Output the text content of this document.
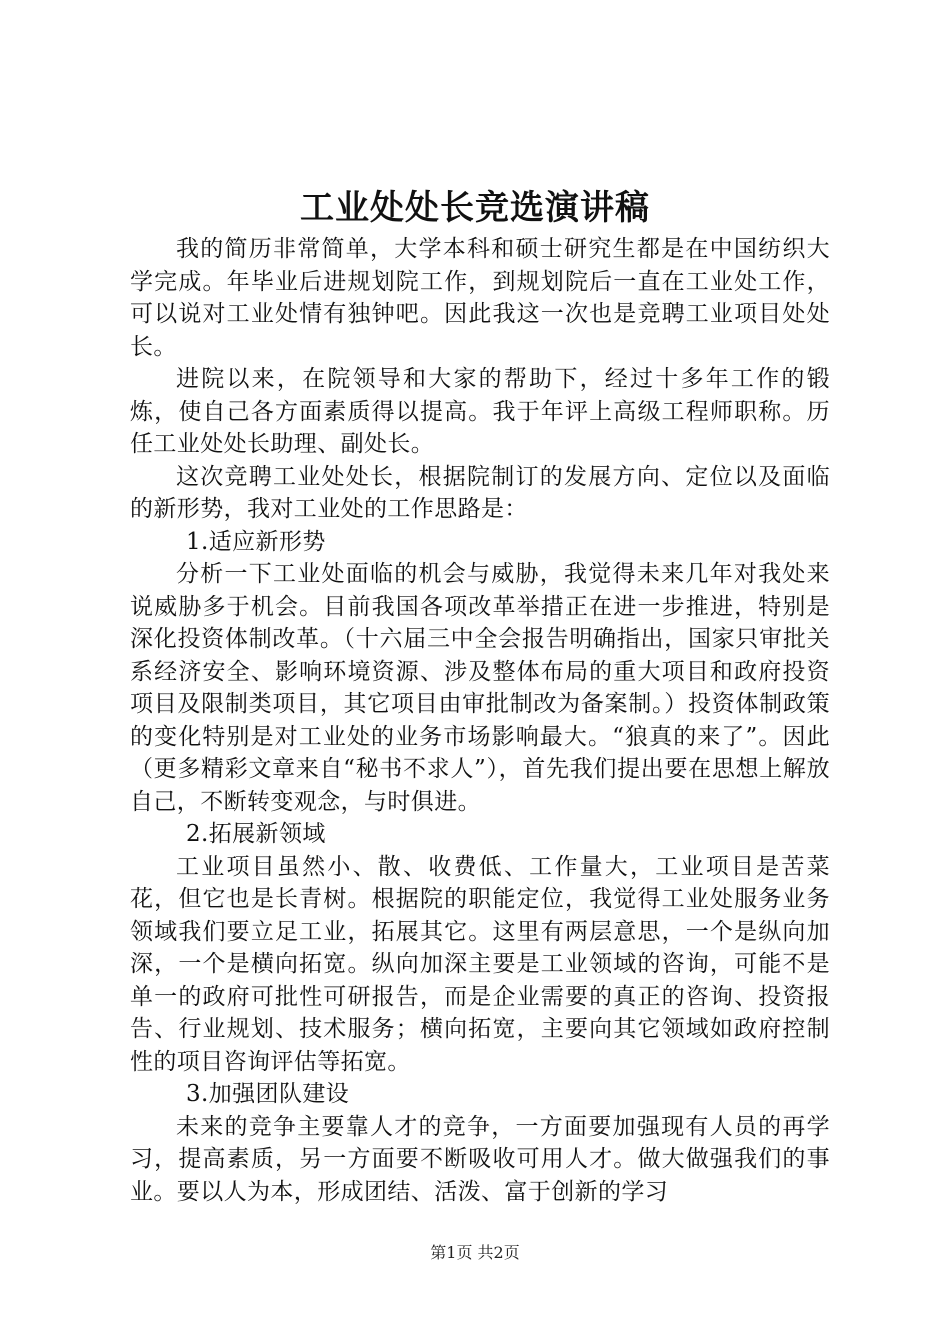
工业处处长竞选演讲稿

我的简历非常简单，大学本科和硕士研究生都是在中国纺织大学完成。年毕业后进规划院工作，到规划院后一直在工业处工作，可以说对工业处情有独钟吧。因此我这一次也是竞聘工业项目处处长。

进院以来，在院领导和大家的帮助下，经过十多年工作的锻炼，使自己各方面素质得以提高。我于年评上高级工程师职称。历任工业处处长助理、副处长。

这次竞聘工业处处长，根据院制订的发展方向、定位以及面临的新形势，我对工业处的工作思路是：

1.适应新形势

分析一下工业处面临的机会与威胁，我觉得未来几年对我处来说威胁多于机会。目前我国各项改革举措正在进一步推进，特别是深化投资体制改革。（十六届三中全会报告明确指出，国家只审批关系经济安全、影响环境资源、涉及整体布局的重大项目和政府投资项目及限制类项目，其它项目由审批制改为备案制。）投资体制政策的变化特别是对工业处的业务市场影响最大。“狼真的来了”。因此（更多精彩文章来自“秘书不求人”），首先我们提出要在思想上解放自己，不断转变观念，与时俱进。

2.拓展新领域

工业项目虽然小、散、收费低、工作量大，工业项目是苦菜花，但它也是长青树。根据院的职能定位，我觉得工业处服务业务领域我们要立足工业，拓展其它。这里有两层意思，一个是纵向加深，一个是横向拓宽。纵向加深主要是工业领域的咨询，可能不是单一的政府可批性可研报告，而是企业需要的真正的咨询、投资报告、行业规划、技术服务；横向拓宽，主要向其它领域如政府控制性的项目咨询评估等拓宽。

3.加强团队建设

未来的竞争主要靠人才的竞争，一方面要加强现有人员的再学习，提高素质，另一方面要不断吸收可用人才。做大做强我们的事业。要以人为本，形成团结、活泼、富于创新的学习

第1页 共2页
